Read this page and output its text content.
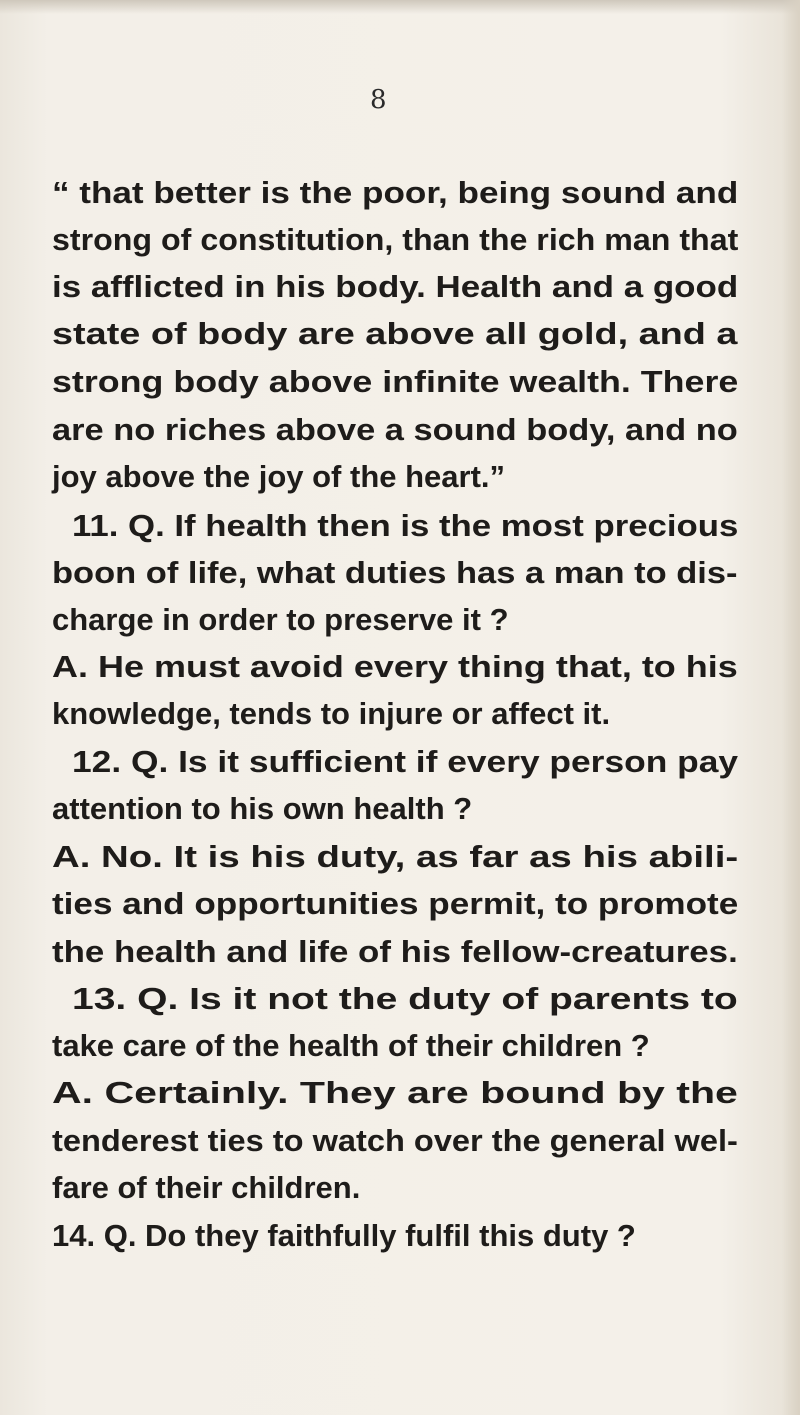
8
“ that better is the poor, being sound and
strong of constitution, than the rich man that
is afflicted in his body. Health and a good
state of body are above all gold, and a
strong body above infinite wealth. There
are no riches above a sound body, and no
joy above the joy of the heart.”
11. Q. If health then is the most precious
boon of life, what duties has a man to dis-
charge in order to preserve it ?
A. He must avoid every thing that, to his
knowledge, tends to injure or affect it.
12. Q. Is it sufficient if every person pay
attention to his own health ?
A. No. It is his duty, as far as his abili-
ties and opportunities permit, to promote
the health and life of his fellow-creatures.
13. Q. Is it not the duty of parents to
take care of the health of their children ?
A. Certainly. They are bound by the
tenderest ties to watch over the general wel-
fare of their children.
14. Q. Do they faithfully fulfil this duty ?
